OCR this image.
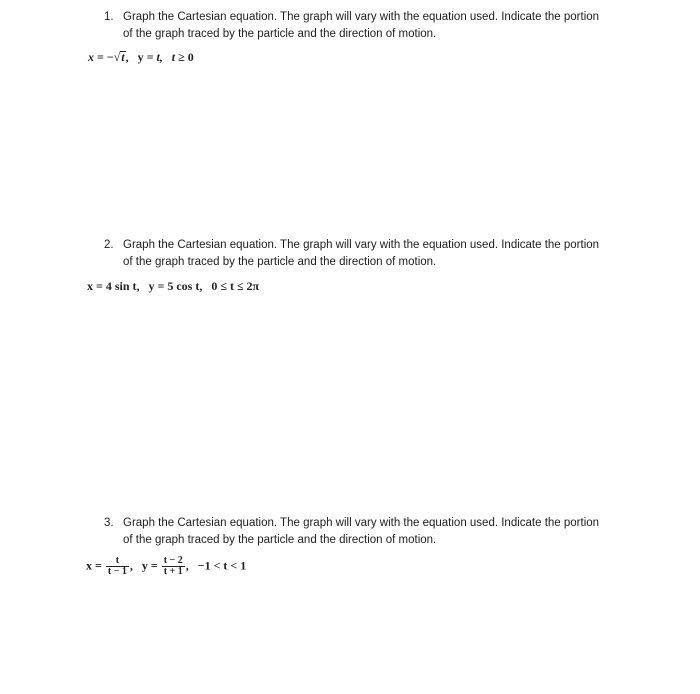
1. Graph the Cartesian equation. The graph will vary with the equation used. Indicate the portion
of the graph traced by the particle and the direction of motion.
x = −√t, y = t, t ≥ 0
2. Graph the Cartesian equation. The graph will vary with the equation used. Indicate the portion
of the graph traced by the particle and the direction of motion.
x = 4 sin t, y = 5 cos t, 0 ≤ t ≤ 2π
3. Graph the Cartesian equation. The graph will vary with the equation used. Indicate the portion
of the graph traced by the particle and the direction of motion.
$x = \frac{t}{t - 1}$ , $y = \frac{t - 2}{t + 1}$ , −1 < t < 1
